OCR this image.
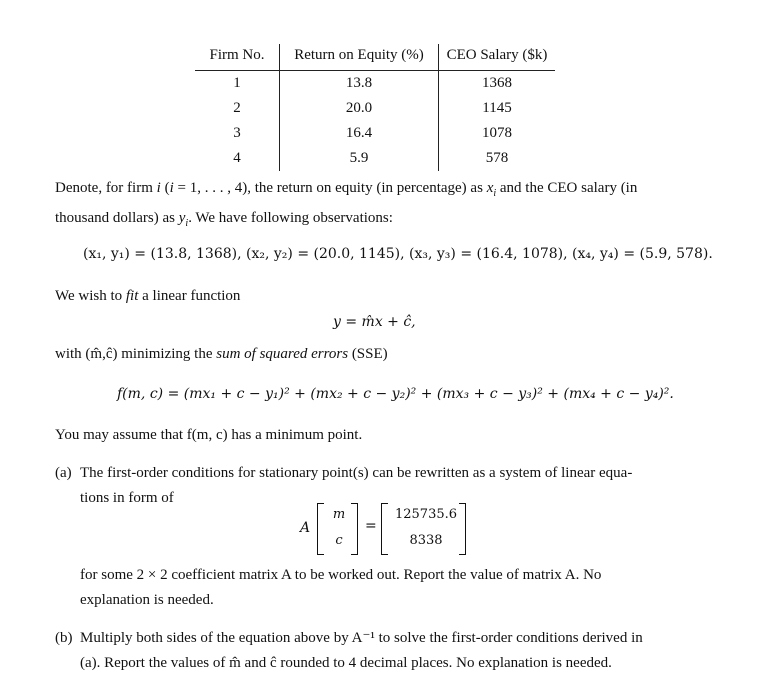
Firm No.	Return on Equity (%)	CEO Salary ($k)
1	13.8	1368
2	20.0	1145
3	16.4	1078
4	5.9	578
Denote, for firm i (i = 1, . . . , 4), the return on equity (in percentage) as $x_i$ and the CEO salary (in
thousand dollars) as $y_i$. We have following observations:
(x₁, y₁) = (13.8, 1368), (x₂, y₂) = (20.0, 1145), (x₃, y₃) = (16.4, 1078), (x₄, y₄) = (5.9, 578).
We wish to fit a linear function
y = m̂x + ĉ,
with (m̂,ĉ) minimizing the sum of squared errors (SSE)
f(m, c) = (mx₁ + c − y₁)² + (mx₂ + c − y₂)² + (mx₃ + c − y₃)² + (mx₄ + c − y₄)².
You may assume that f(m, c) has a minimum point.
(a) The first-order conditions for stationary point(s) can be rewritten as a system of linear equa-
tions in form of
A
m
c
=
125735.6
8338
for some 2 × 2 coefficient matrix A to be worked out. Report the value of matrix A. No
explanation is needed.
(b) Multiply both sides of the equation above by A⁻¹ to solve the first-order conditions derived in
(a). Report the values of m̂ and ĉ rounded to 4 decimal places. No explanation is needed.
